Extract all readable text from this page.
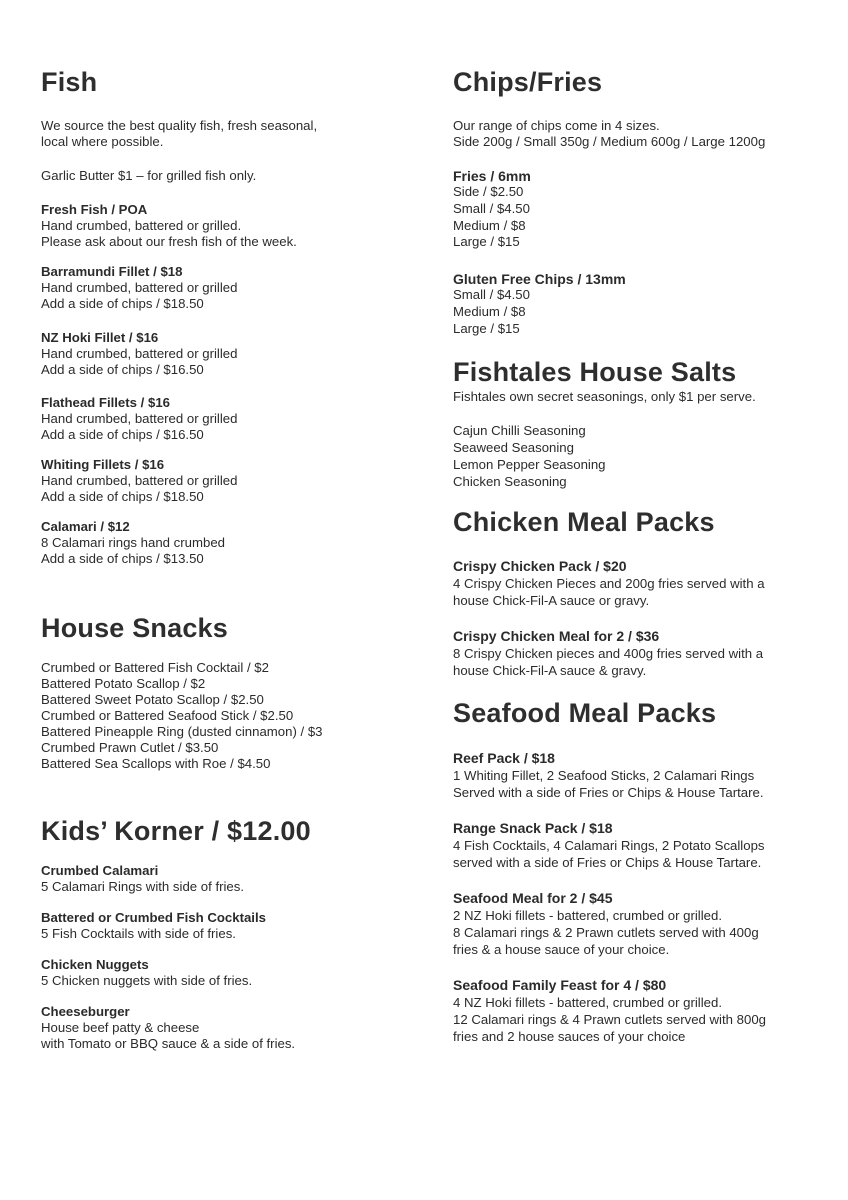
Fish
We source the best quality fish, fresh seasonal,
local where possible.
Garlic Butter $1 – for grilled fish only.
Fresh Fish / POA
Hand crumbed, battered or grilled.
Please ask about our fresh fish of the week.
Barramundi Fillet / $18
Hand crumbed, battered or grilled
Add a side of chips / $18.50
NZ Hoki Fillet / $16
Hand crumbed, battered or grilled
Add a side of chips / $16.50
Flathead Fillets / $16
Hand crumbed, battered or grilled
Add a side of chips / $16.50
Whiting Fillets / $16
Hand crumbed, battered or grilled
Add a side of chips / $18.50
Calamari / $12
8 Calamari rings hand crumbed
Add a side of chips / $13.50
House Snacks
Crumbed or Battered Fish Cocktail / $2
Battered Potato Scallop / $2
Battered Sweet Potato Scallop / $2.50
Crumbed or Battered Seafood Stick / $2.50
Battered Pineapple Ring (dusted cinnamon) / $3
Crumbed Prawn Cutlet / $3.50
Battered Sea Scallops with Roe / $4.50
Kids’ Korner / $12.00
Crumbed Calamari
5 Calamari Rings with side of fries.
Battered or Crumbed Fish Cocktails
5 Fish Cocktails with side of fries.
Chicken Nuggets
5 Chicken nuggets with side of fries.
Cheeseburger
House beef patty & cheese
with Tomato or BBQ sauce & a side of fries.
Chips/Fries
Our range of chips come in 4 sizes.
Side 200g / Small 350g / Medium 600g / Large 1200g
Fries / 6mm
Side / $2.50
Small / $4.50
Medium / $8
Large / $15
Gluten Free Chips / 13mm
Small / $4.50
Medium / $8
Large / $15
Fishtales House Salts
Fishtales own secret seasonings, only $1 per serve.
Cajun Chilli Seasoning
Seaweed Seasoning
Lemon Pepper Seasoning
Chicken Seasoning
Chicken Meal Packs
Crispy Chicken Pack / $20
4 Crispy Chicken Pieces and 200g fries served with a
house Chick-Fil-A sauce or gravy.
Crispy Chicken Meal for 2 / $36
8 Crispy Chicken pieces and 400g fries served with a
house Chick-Fil-A sauce & gravy.
Seafood Meal Packs
Reef Pack / $18
1 Whiting Fillet, 2 Seafood Sticks, 2 Calamari Rings
Served with a side of Fries or Chips & House Tartare.
Range Snack Pack / $18
4 Fish Cocktails, 4 Calamari Rings, 2 Potato Scallops
served with a side of Fries or Chips & House Tartare.
Seafood Meal for 2 / $45
2 NZ Hoki fillets - battered, crumbed or grilled.
8 Calamari rings & 2 Prawn cutlets served with 400g
fries & a house sauce of your choice.
Seafood Family Feast for 4 / $80
4 NZ Hoki fillets - battered, crumbed or grilled.
12 Calamari rings & 4 Prawn cutlets served with 800g
fries and 2 house sauces of your choice
